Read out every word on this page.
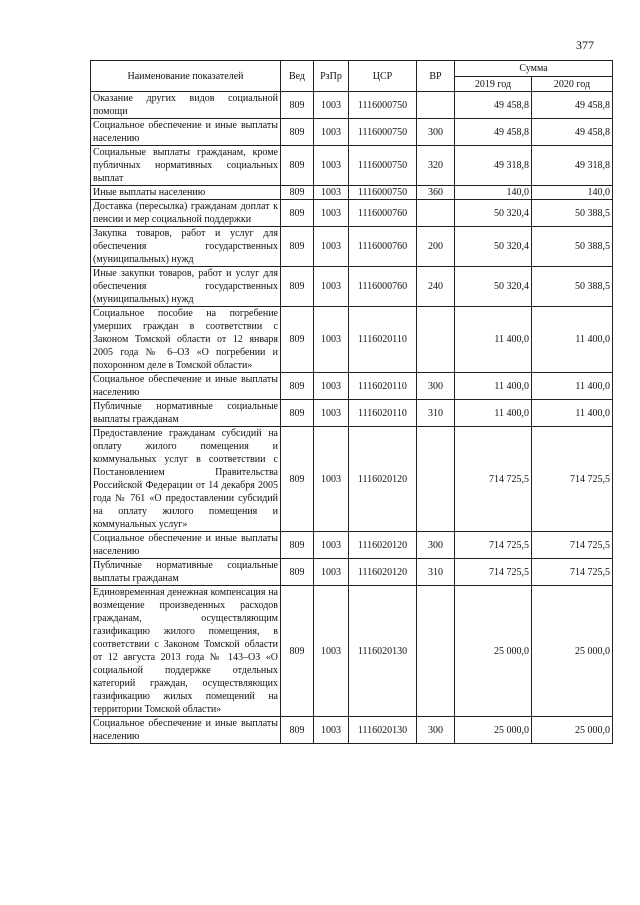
377
Наименование показателей	Вед	РзПр	ЦСР	ВР	Сумма	
					2019 год	2020 год
Оказание других видов социальной помощи	809	1003	1116000750		49 458,8	49 458,8
Социальное обеспечение и иные выплаты населению	809	1003	1116000750	300	49 458,8	49 458,8
Социальные выплаты гражданам, кроме публичных нормативных социальных выплат	809	1003	1116000750	320	49 318,8	49 318,8
Иные выплаты населению	809	1003	1116000750	360	140,0	140,0
Доставка (пересылка) гражданам доплат к пенсии и мер социальной поддержки	809	1003	1116000760		50 320,4	50 388,5
Закупка товаров, работ и услуг для обеспечения государственных (муниципальных) нужд	809	1003	1116000760	200	50 320,4	50 388,5
Иные закупки товаров, работ и услуг для обеспечения государственных (муниципальных) нужд	809	1003	1116000760	240	50 320,4	50 388,5
Социальное пособие на погребение умерших граждан в соответствии с Законом Томской области от 12 января 2005 года № 6–ОЗ «О погребении и похоронном деле в Томской области»	809	1003	1116020110		11 400,0	11 400,0
Социальное обеспечение и иные выплаты населению	809	1003	1116020110	300	11 400,0	11 400,0
Публичные нормативные социальные выплаты гражданам	809	1003	1116020110	310	11 400,0	11 400,0
Предоставление гражданам субсидий на оплату жилого помещения и коммунальных услуг в соответствии с Постановлением Правительства Российской Федерации от 14 декабря 2005 года № 761 «О предоставлении субсидий на оплату жилого помещения и коммунальных услуг»	809	1003	1116020120		714 725,5	714 725,5
Социальное обеспечение и иные выплаты населению	809	1003	1116020120	300	714 725,5	714 725,5
Публичные нормативные социальные выплаты гражданам	809	1003	1116020120	310	714 725,5	714 725,5
Единовременная денежная компенсация на возмещение произведенных расходов гражданам, осуществляющим газификацию жилого помещения, в соответствии с Законом Томской области от 12 августа 2013 года № 143–ОЗ «О социальной поддержке отдельных категорий граждан, осуществляющих газификацию жилых помещений на территории Томской области»	809	1003	1116020130		25 000,0	25 000,0
Социальное обеспечение и иные выплаты населению	809	1003	1116020130	300	25 000,0	25 000,0
